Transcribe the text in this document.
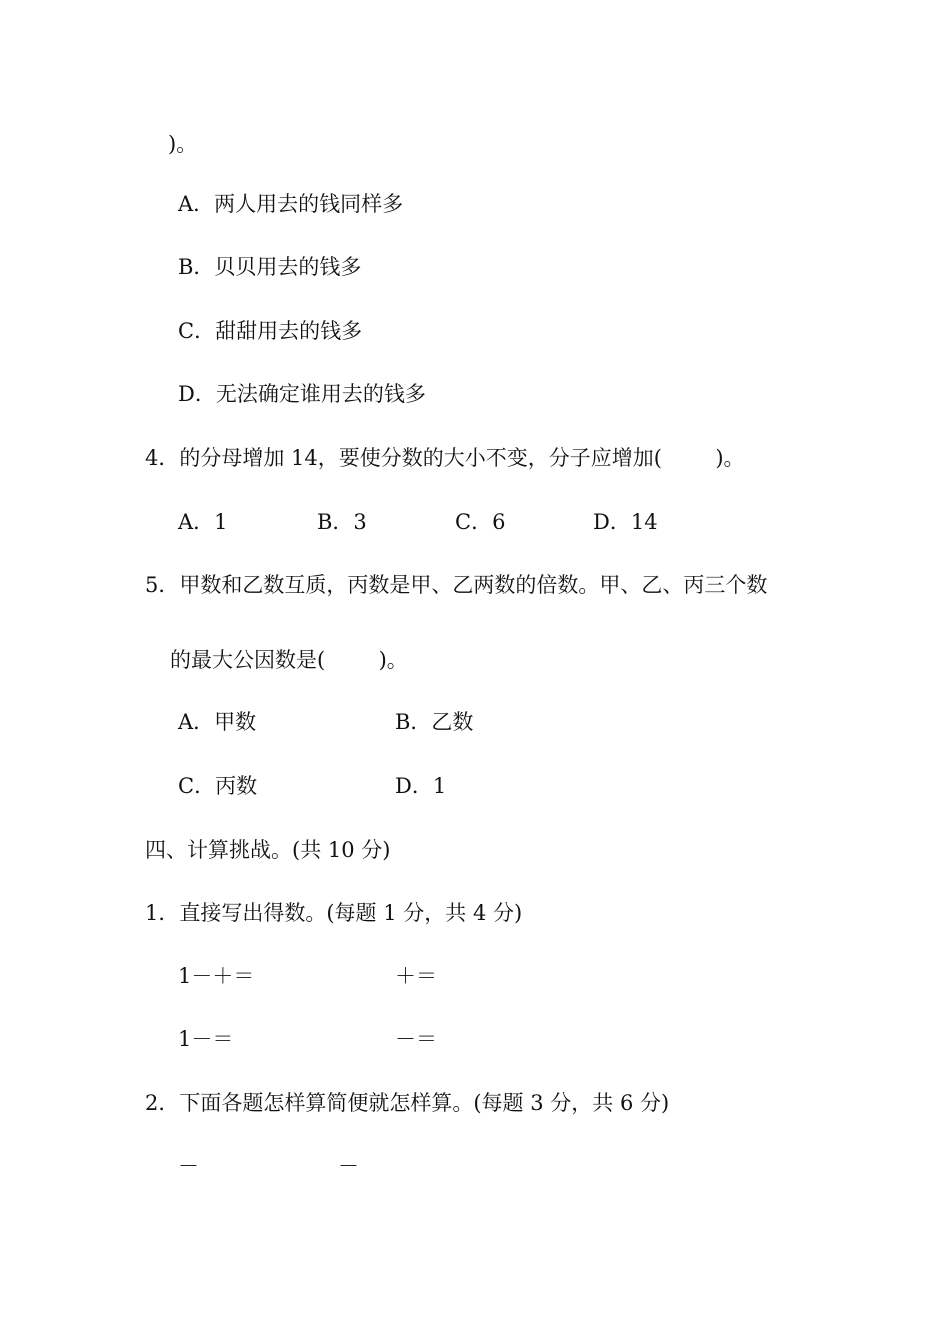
)。
A．两人用去的钱同样多
B．贝贝用去的钱多
C．甜甜用去的钱多
D．无法确定谁用去的钱多
4．的分母增加 14，要使分数的大小不变，分子应增加(        )。
A．1	B．3	C．6	D．14
5．甲数和乙数互质，丙数是甲、乙两数的倍数。甲、乙、丙三个数
的最大公因数是(        )。
A．甲数	B．乙数
C．丙数	D．1
四、计算挑战。(共 10 分)
1．直接写出得数。(每题 1 分，共 4 分)
1－＋＝	＋＝
1－＝	－＝
2．下面各题怎样算简便就怎样算。(每题 3 分，共 6 分)
－	－
